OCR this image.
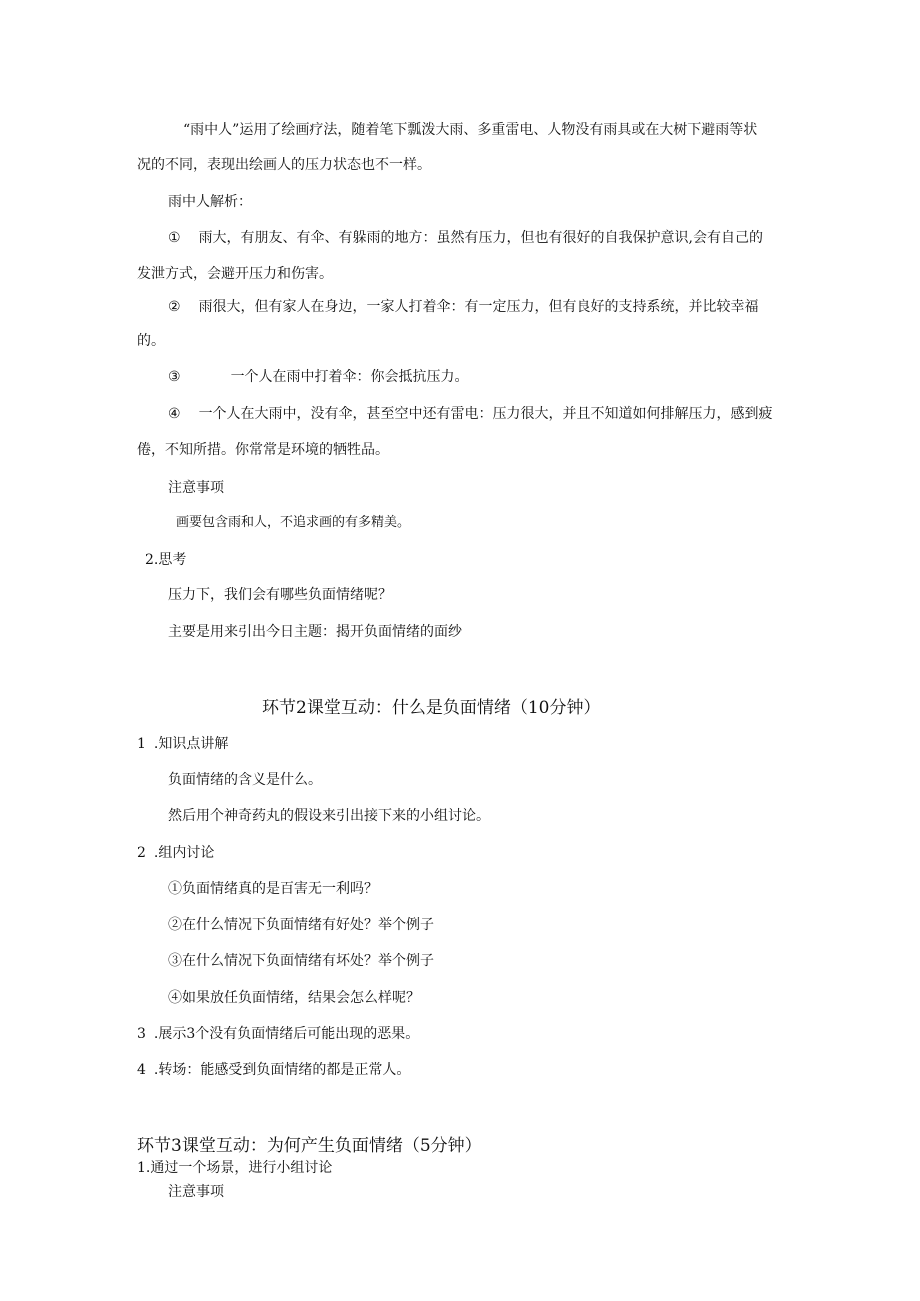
“雨中人”运用了绘画疗法，随着笔下瓢泼大雨、多重雷电、人物没有雨具或在大树下避雨等状
况的不同，表现出绘画人的压力状态也不一样。
雨中人解析：
① 雨大，有朋友、有伞、有躲雨的地方：虽然有压力，但也有很好的自我保护意识,会有自己的
发泄方式，会避开压力和伤害。
② 雨很大，但有家人在身边，一家人打着伞：有一定压力，但有良好的支持系统，并比较幸福
的。
③	一个人在雨中打着伞：你会抵抗压力。
④ 一个人在大雨中，没有伞，甚至空中还有雷电：压力很大，并且不知道如何排解压力，感到疲
倦，不知所措。你常常是环境的牺牲品。
注意事项
画要包含雨和人，不追求画的有多精美。
2.思考
压力下，我们会有哪些负面情绪呢？
主要是用来引出今日主题：揭开负面情绪的面纱
环节2课堂互动：什么是负面情绪（10分钟）
1 .知识点讲解
负面情绪的含义是什么。
然后用个神奇药丸的假设来引出接下来的小组讨论。
2 .组内讨论
①负面情绪真的是百害无一利吗？
②在什么情况下负面情绪有好处？举个例子
③在什么情况下负面情绪有坏处？举个例子
④如果放任负面情绪，结果会怎么样呢？
3 .展示3个没有负面情绪后可能出现的恶果。
4 .转场：能感受到负面情绪的都是正常人。
环节3课堂互动：为何产生负面情绪（5分钟）
1.通过一个场景，进行小组讨论
注意事项
